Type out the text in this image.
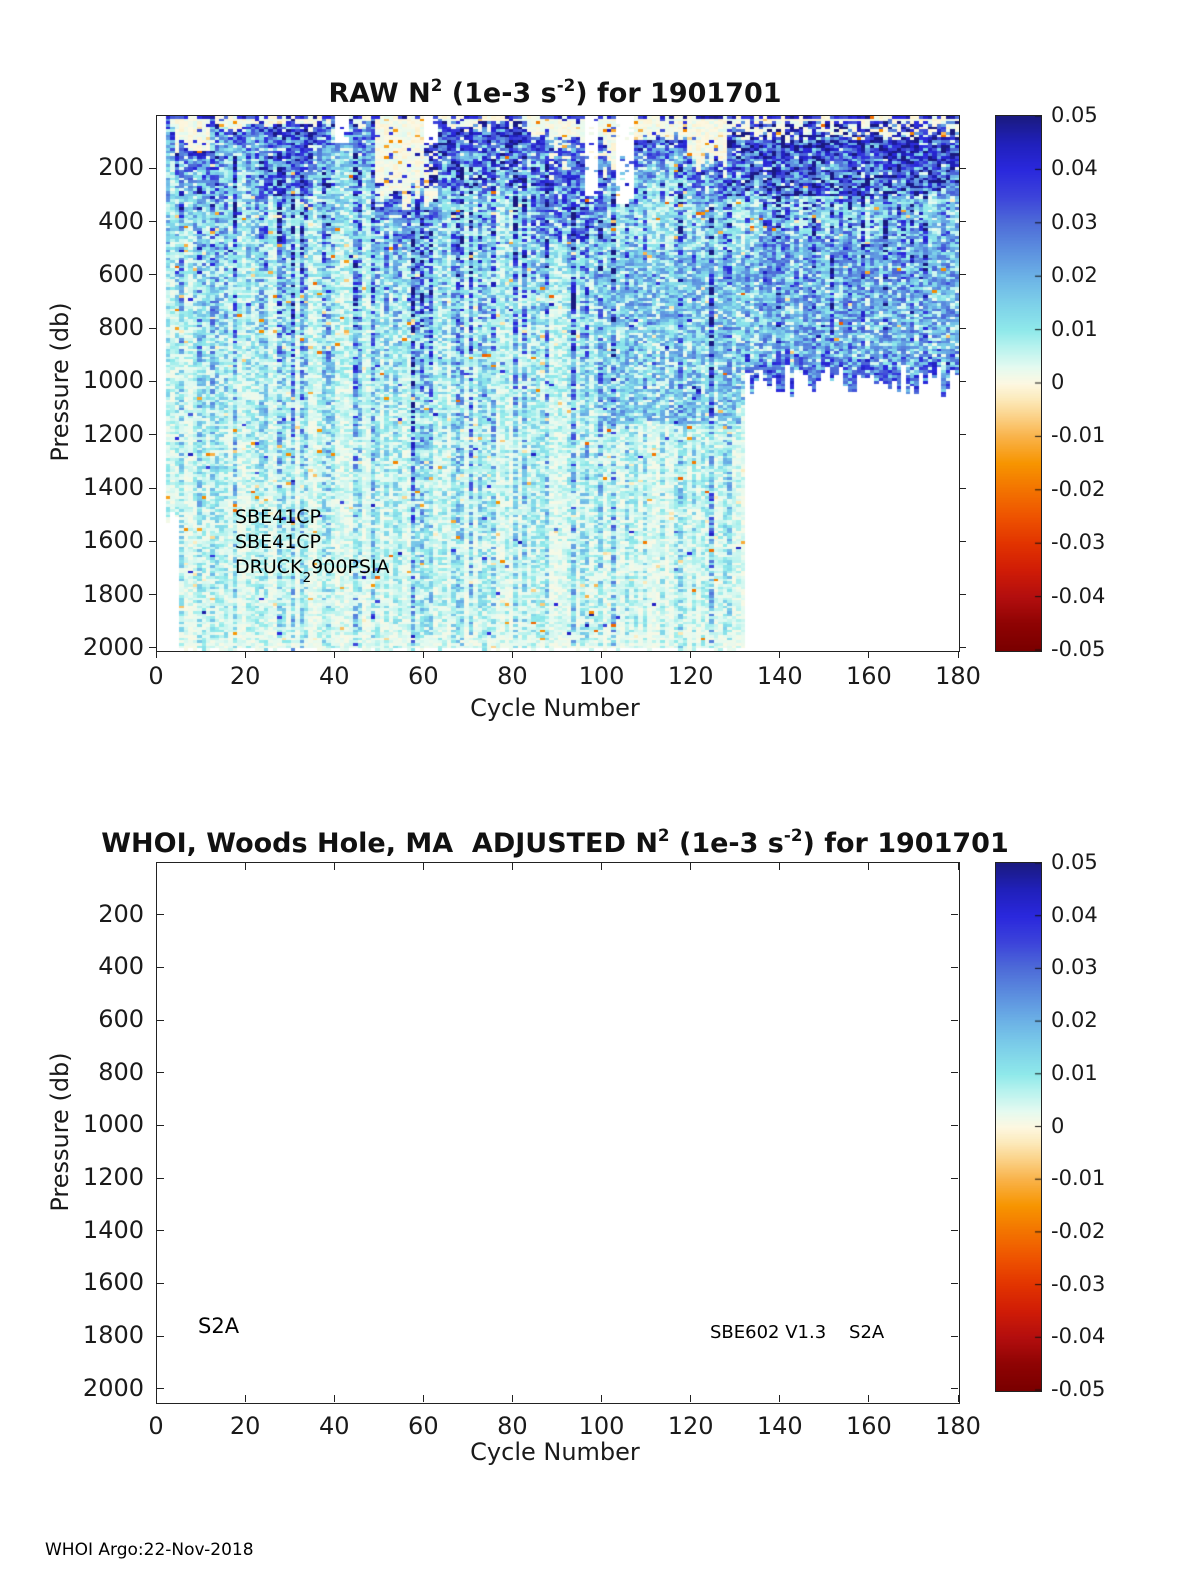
RAW $N^2$ (1e-3 $s^{-2}$) for 1901701
Pressure (db)
SBE41CP
SBE41CP
$DRUCK_2900PSIA$
Cycle Number
WHOI, Woods Hole, MA  ADJUSTED $N^2$ (1e-3 $s^{-2}$) for 1901701
Pressure (db)
S2A	SBE602 V1.3    S2A
Cycle Number
WHOI Argo:22-Nov-2018
0	20 40 60 80 100 120 140 160 180
200
400
600
800
1000
1200
1400
1600
1800
2000
0	20 40 60 80 100 120 140 160 180
200
400
600
800
1000
1200
1400
1600
1800
2000
0.05
0.04
0.03
0.02
0.01
0
-0.01
-0.02
-0.03
-0.04
-0.05
0.05
0.04
0.03
0.02
0.01
0
-0.01
-0.02
-0.03
-0.04
-0.05
